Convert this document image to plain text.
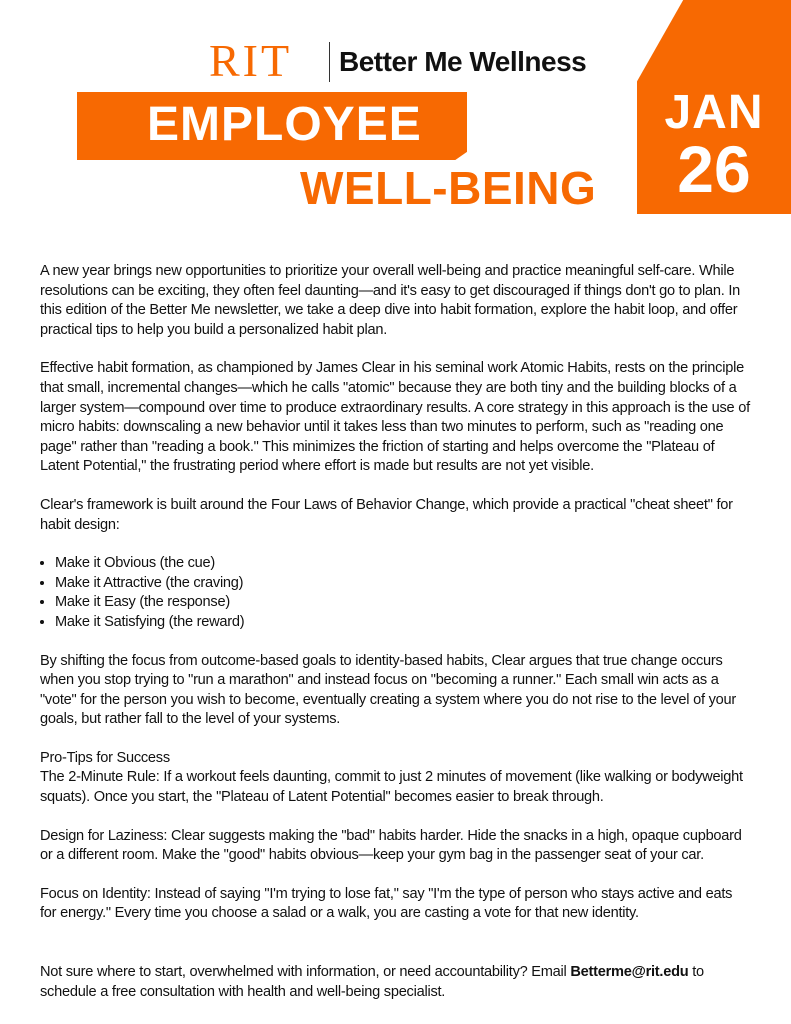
RIT Better Me Wellness
EMPLOYEE
WELL-BEING
JAN
26

A new year brings new opportunities to prioritize your overall well-being and practice meaningful self-care. While resolutions can be exciting, they often feel daunting—and it's easy to get discouraged if things don't go to plan. In this edition of the Better Me newsletter, we take a deep dive into habit formation, explore the habit loop, and offer practical tips to help you build a personalized habit plan.

Effective habit formation, as championed by James Clear in his seminal work Atomic Habits, rests on the principle that small, incremental changes—which he calls "atomic" because they are both tiny and the building blocks of a larger system—compound over time to produce extraordinary results. A core strategy in this approach is the use of micro habits: downscaling a new behavior until it takes less than two minutes to perform, such as "reading one page" rather than "reading a book." This minimizes the friction of starting and helps overcome the "Plateau of Latent Potential," the frustrating period where effort is made but results are not yet visible.

Clear's framework is built around the Four Laws of Behavior Change, which provide a practical "cheat sheet" for habit design:

• Make it Obvious (the cue)
• Make it Attractive (the craving)
• Make it Easy (the response)
• Make it Satisfying (the reward)

By shifting the focus from outcome-based goals to identity-based habits, Clear argues that true change occurs when you stop trying to "run a marathon" and instead focus on "becoming a runner." Each small win acts as a "vote" for the person you wish to become, eventually creating a system where you do not rise to the level of your goals, but rather fall to the level of your systems.

Pro-Tips for Success

The 2-Minute Rule: If a workout feels daunting, commit to just 2 minutes of movement (like walking or bodyweight squats). Once you start, the "Plateau of Latent Potential" becomes easier to break through.

Design for Laziness: Clear suggests making the "bad" habits harder. Hide the snacks in a high, opaque cupboard or a different room. Make the "good" habits obvious—keep your gym bag in the passenger seat of your car.

Focus on Identity: Instead of saying "I'm trying to lose fat," say "I'm the type of person who stays active and eats for energy." Every time you choose a salad or a walk, you are casting a vote for that new identity.

Not sure where to start, overwhelmed with information, or need accountability? Email Betterme@rit.edu to schedule a free consultation with health and well-being specialist.
